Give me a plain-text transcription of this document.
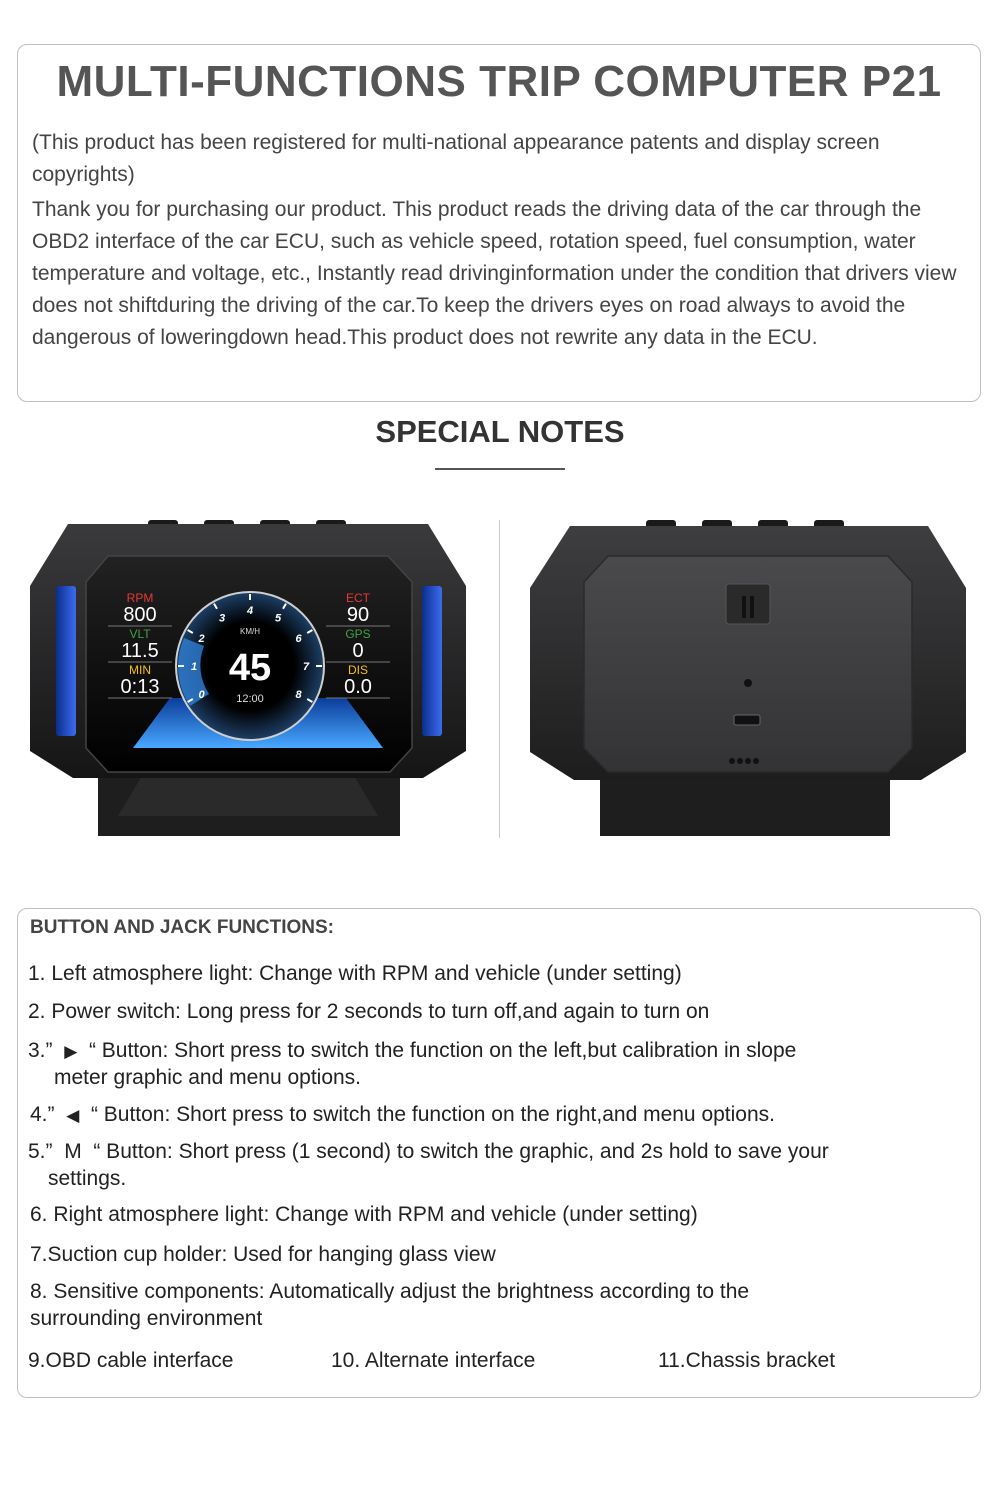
MULTI-FUNCTIONS TRIP COMPUTER P21
(This product has been registered for multi-national appearance patents and display screen copyrights)
Thank you for purchasing our product. This product reads the driving data of the car through the OBD2 interface of the car ECU, such as vehicle speed, rotation speed, fuel consumption, water temperature and voltage, etc., Instantly read drivinginformation under the condition that drivers view does not shiftduring the driving of the car.To keep the drivers eyes on road always to avoid the dangerous of loweringdown head.This product does not rewrite any data in the ECU.
SPECIAL NOTES
0
1
2
3
4
5
6
7
8
KM/H
45
12:00
RPM
800
VLT
11.5
MIN
0:13
ECT
90
GPS
0
DIS
0.0
BUTTON AND JACK FUNCTIONS:
1. Left atmosphere light: Change with RPM and vehicle (under setting)
2. Power switch: Long press for 2 seconds to turn off,and again to turn on
3.” ▶ “ Button: Short press to switch the function on the left,but calibration in slope
meter graphic and menu options.
4.” ◀ “ Button: Short press to switch the function on the right,and menu options.
5.” M “ Button: Short press (1 second) to switch the graphic, and 2s hold to save your
settings.
6. Right atmosphere light: Change with RPM and vehicle (under setting)
7.Suction cup holder: Used for hanging glass view
8. Sensitive components: Automatically adjust the brightness according to the
surrounding environment
9.OBD cable interface	10. Alternate interface	11.Chassis bracket
